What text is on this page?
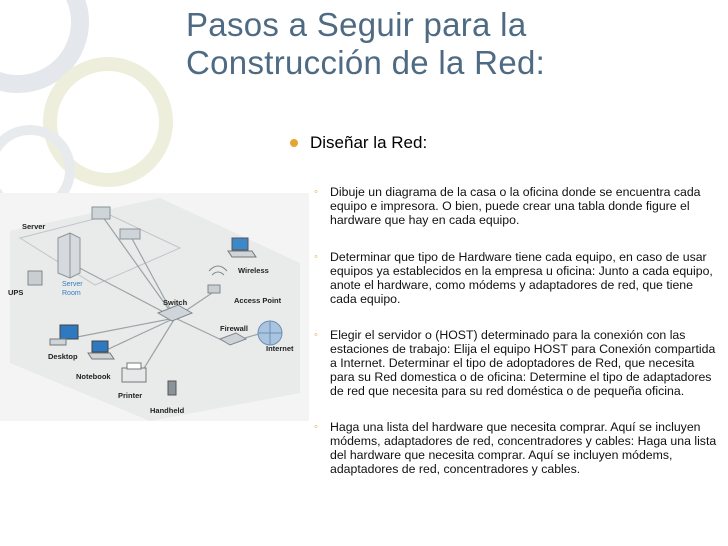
Pasos a Seguir para la
Construcción de la Red:
Diseñar la Red:
◦ Dibuje un diagrama de la casa o la oficina donde se encuentra cada equipo e impresora. O bien, puede crear una tabla donde figure el hardware que hay en cada equipo.
◦ Determinar que tipo de Hardware tiene cada equipo, en caso de usar equipos ya establecidos en la empresa u oficina: Junto a cada equipo, anote el hardware, como módems y adaptadores de red, que tiene cada equipo.
◦ Elegir el servidor o (HOST) determinado para la conexión con las estaciones de trabajo: Elija el equipo HOST para Conexión compartida a Internet. Determinar el tipo de adoptadores de Red, que necesita para su Red domestica o de oficina: Determine el tipo de adaptadores de red que necesita para su red doméstica o de pequeña oficina.
◦ Haga una lista del hardware que necesita comprar. Aquí se incluyen módems, adaptadores de red, concentradores y cables: Haga una lista del hardware que necesita comprar. Aquí se incluyen módems, adaptadores de red, concentradores y cables.
Server
UPS
Wireless
Switch	Access Point
Firewall
Internet
Desktop
Notebook
Printer
Handheld
Server
Room
